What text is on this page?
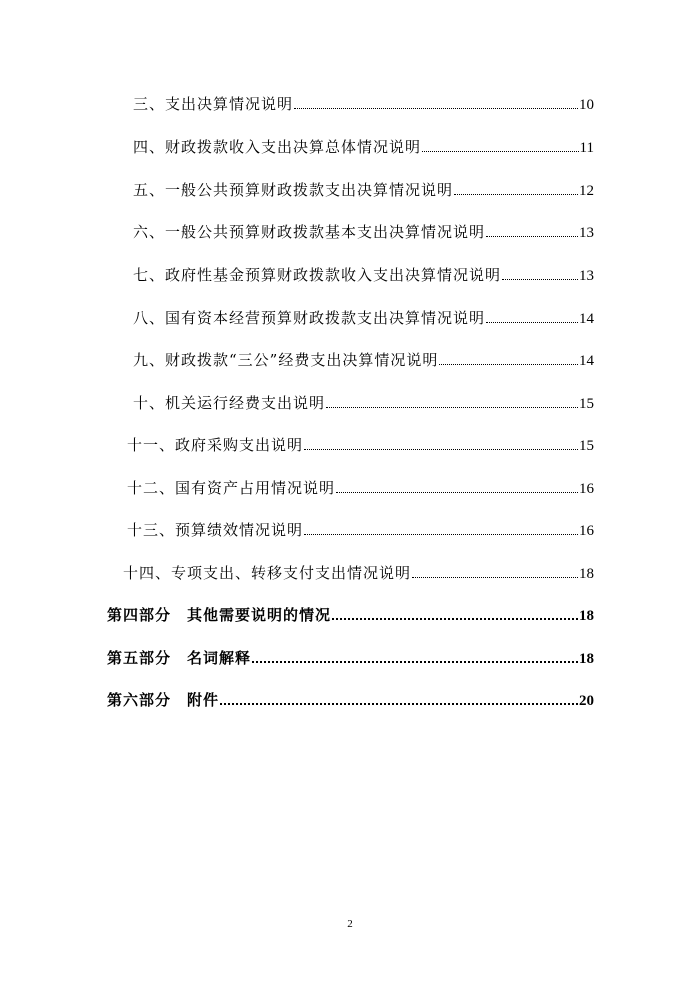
三、支出决算情况说明	10
四、财政拨款收入支出决算总体情况说明	11
五、一般公共预算财政拨款支出决算情况说明	12
六、一般公共预算财政拨款基本支出决算情况说明	13
七、政府性基金预算财政拨款收入支出决算情况说明	13
八、国有资本经营预算财政拨款支出决算情况说明	14
九、财政拨款“三公”经费支出决算情况说明	14
十、机关运行经费支出说明	15
十一、政府采购支出说明	15
十二、国有资产占用情况说明	16
十三、预算绩效情况说明	16
十四、专项支出、转移支付支出情况说明	18
第四部分　其他需要说明的情况	18
第五部分　名词解释	18
第六部分　附件	20
2
